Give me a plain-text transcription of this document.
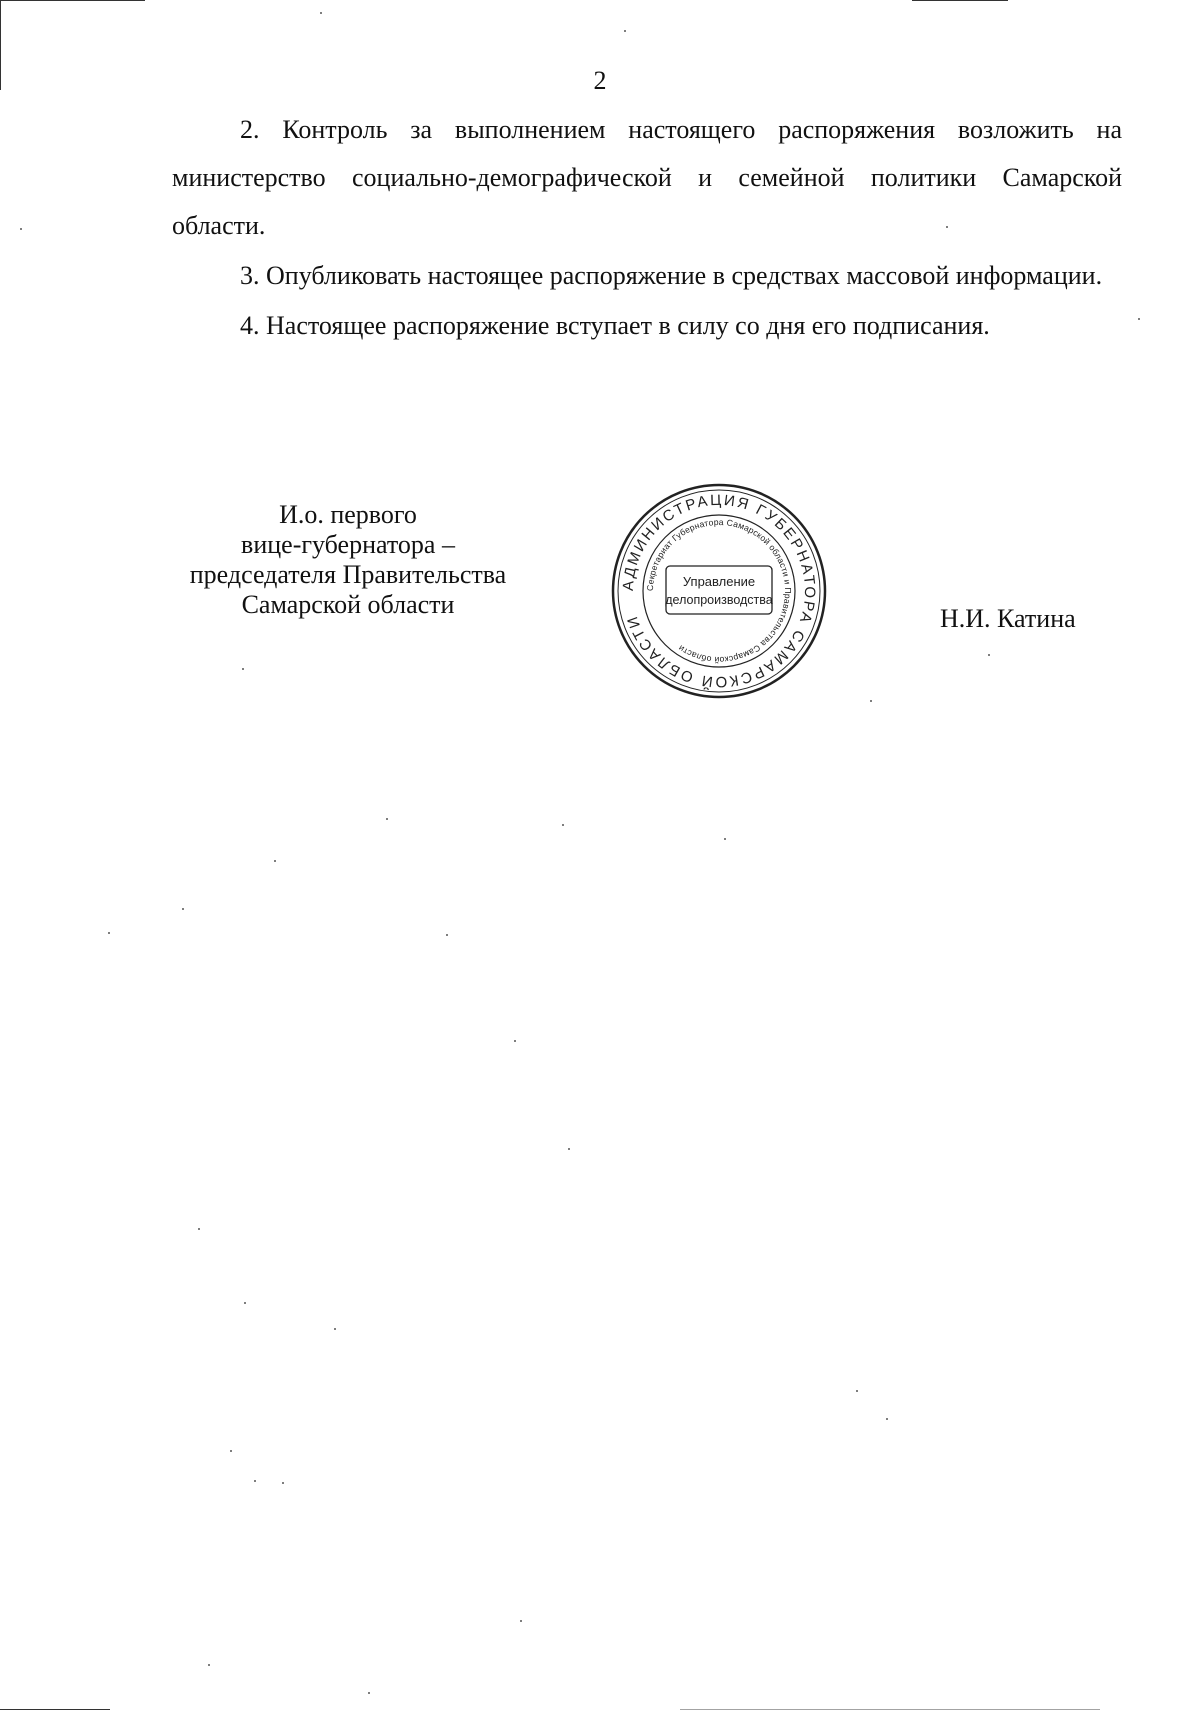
2

2. Контроль за выполнением настоящего распоряжения возложить на министерство социально-демографической и семейной политики Самарской области.

3. Опубликовать настоящее распоряжение в средствах массовой информации.

4. Настоящее распоряжение вступает в силу со дня его подписания.

И.о. первого
вице-губернатора –
председателя Правительства
Самарской области	Н.И. Катина
АДМИНИСТРАЦИЯ ГУБЕРНАТОРА САМАРСКОЙ ОБЛАСТИ
Секретариат Губернатора Самарской области и Правительства Самарской области
Управление
делопроизводства
